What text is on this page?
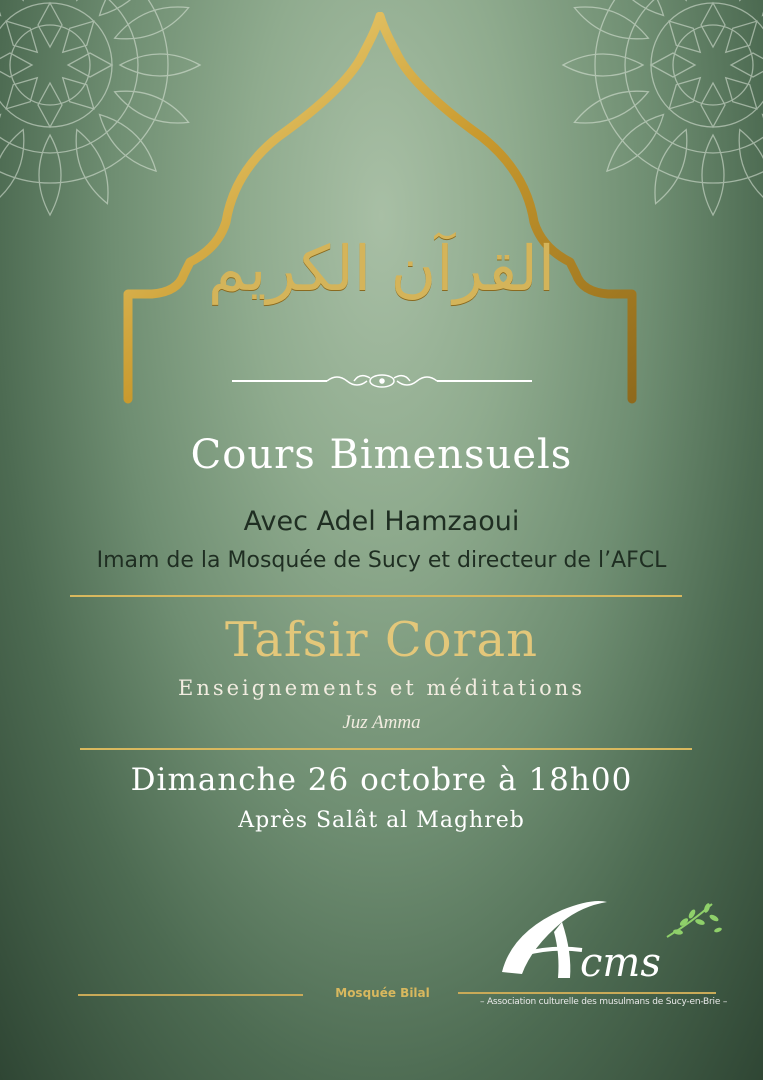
القرآن الكريم
Cours Bimensuels
Avec Adel Hamzaoui
Imam de la Mosquée de Sucy et directeur de l’AFCL
Tafsir Coran
Enseignements et méditations
Juz Amma
Dimanche 26 octobre à 18h00
Après Salât al Maghreb
Mosquée Bilal
cms
– Association culturelle des musulmans de Sucy-en-Brie –
